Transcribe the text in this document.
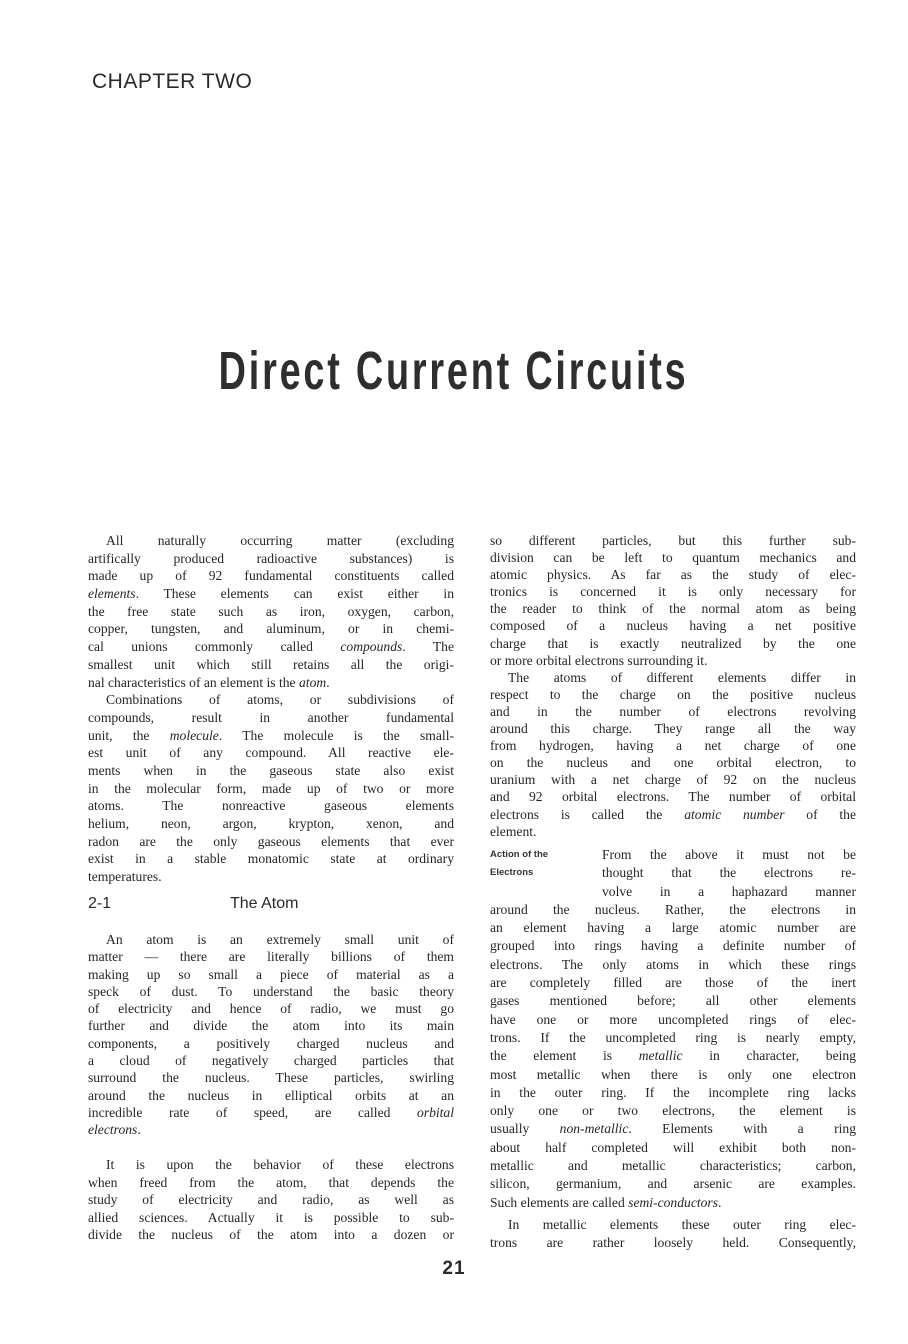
CHAPTER TWO
Direct Current Circuits
All naturally occurring matter (excluding
artifically produced radioactive substances) is
made up of 92 fundamental constituents called
elements. These elements can exist either in
the free state such as iron, oxygen, carbon,
copper, tungsten, and aluminum, or in chemi-
cal unions commonly called compounds. The
smallest unit which still retains all the origi-
nal characteristics of an element is the atom.
Combinations of atoms, or subdivisions of
compounds, result in another fundamental
unit, the molecule. The molecule is the small-
est unit of any compound. All reactive ele-
ments when in the gaseous state also exist
in the molecular form, made up of two or more
atoms. The nonreactive gaseous elements
helium, neon, argon, krypton, xenon, and
radon are the only gaseous elements that ever
exist in a stable monatomic state at ordinary
temperatures.
2-1	The Atom
An atom is an extremely small unit of
matter — there are literally billions of them
making up so small a piece of material as a
speck of dust. To understand the basic theory
of electricity and hence of radio, we must go
further and divide the atom into its main
components, a positively charged nucleus and
a cloud of negatively charged particles that
surround the nucleus. These particles, swirling
around the nucleus in elliptical orbits at an
incredible rate of speed, are called orbital
electrons.
It is upon the behavior of these electrons
when freed from the atom, that depends the
study of electricity and radio, as well as
allied sciences. Actually it is possible to sub-
divide the nucleus of the atom into a dozen or
so different particles, but this further sub-
division can be left to quantum mechanics and
atomic physics. As far as the study of elec-
tronics is concerned it is only necessary for
the reader to think of the normal atom as being
composed of a nucleus having a net positive
charge that is exactly neutralized by the one
or more orbital electrons surrounding it.
The atoms of different elements differ in
respect to the charge on the positive nucleus
and in the number of electrons revolving
around this charge. They range all the way
from hydrogen, having a net charge of one
on the nucleus and one orbital electron, to
uranium with a net charge of 92 on the nucleus
and 92 orbital electrons. The number of orbital
electrons is called the atomic number of the
element.
Action of the
Electrons
From the above it must not be
thought that the electrons re-
volve in a haphazard manner
around the nucleus. Rather, the electrons in
an element having a large atomic number are
grouped into rings having a definite number of
electrons. The only atoms in which these rings
are completely filled are those of the inert
gases mentioned before; all other elements
have one or more uncompleted rings of elec-
trons. If the uncompleted ring is nearly empty,
the element is metallic in character, being
most metallic when there is only one electron
in the outer ring. If the incomplete ring lacks
only one or two electrons, the element is
usually non-metallic. Elements with a ring
about half completed will exhibit both non-
metallic and metallic characteristics; carbon,
silicon, germanium, and arsenic are examples.
Such elements are called semi-conductors.
In metallic elements these outer ring elec-
trons are rather loosely held. Consequently,
21
